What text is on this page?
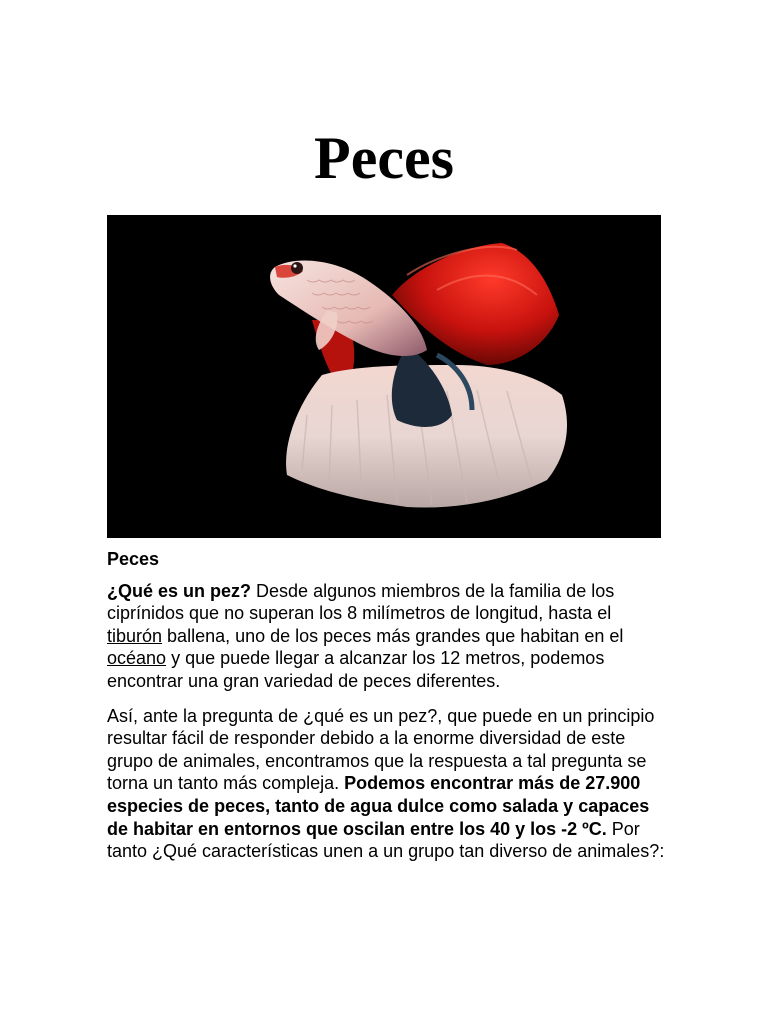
Peces

Peces

¿Qué es un pez? Desde algunos miembros de la familia de los ciprínidos que no superan los 8 milímetros de longitud, hasta el tiburón ballena, uno de los peces más grandes que habitan en el océano y que puede llegar a alcanzar los 12 metros, podemos encontrar una gran variedad de peces diferentes.

Así, ante la pregunta de ¿qué es un pez?, que puede en un principio resultar fácil de responder debido a la enorme diversidad de este grupo de animales, encontramos que la respuesta a tal pregunta se torna un tanto más compleja. Podemos encontrar más de 27.900 especies de peces, tanto de agua dulce como salada y capaces de habitar en entornos que oscilan entre los 40 y los -2 ºC. Por tanto ¿Qué características unen a un grupo tan diverso de animales?:
